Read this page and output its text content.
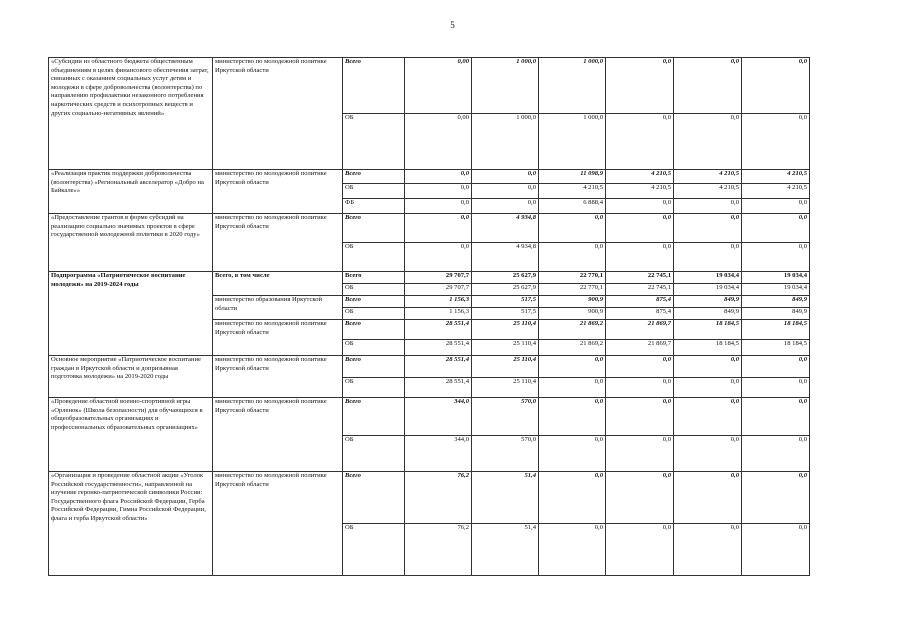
5
«Субсидии из областного бюджета общественным объединениям в целях финансового обеспечения затрат, связанных с оказанием социальных услуг детям и молодежи в сфере добровольчества (волонтерства) по направлению профилактики незаконного потребления наркотических средств и психотропных веществ и других социально-негативных явлений»	министерство по молодежной политике Иркутской области	Всего	0,00	1 000,0	1 000,0	0,0	0,0	0,0
		ОБ	0,00	1 000,0	1 000,0	0,0	0,0	0,0
«Реализация практик поддержки добровольчества (волонтерства) «Региональный акселератор «Добро на Байкале»»	министерство по молодежной политике Иркутской области	Всего	0,0	0,0	11 098,9	4 210,5	4 210,5	4 210,5
		ОБ	0,0	0,0	4 210,5	4 210,5	4 210,5	4 210,5
		ФБ	0,0	0,0	6 888,4	0,0	0,0	0,0
«Предоставление грантов в форме субсидий на реализацию социально значимых проектов в сфере государственной молодежной политики в 2020 году»	министерство по молодежной политике Иркутской области	Всего	0,0	4 934,8	0,0	0,0	0,0	0,0
		ОБ	0,0	4 934,8	0,0	0,0	0,0	0,0
Подпрограмма «Патриотическое воспитание молодежи» на 2019-2024 годы	Всего, в том числе	Всего	29 707,7	25 627,9	22 770,1	22 745,1	19 034,4	19 034,4
		ОБ	29 707,7	25 627,9	22 770,1	22 745,1	19 034,4	19 034,4
	министерство образования Иркутской области	Всего	1 156,3	517,5	900,9	875,4	849,9	849,9
		ОБ	1 156,3	517,5	900,9	875,4	849,9	849,9
	министерство по молодежной политике Иркутской области	Всего	28 551,4	25 110,4	21 869,2	21 869,7	18 184,5	18 184,5
		ОБ	28 551,4	25 110,4	21 869,2	21 869,7	18 184,5	18 184,5
Основное мероприятие «Патриотическое воспитание граждан в Иркутской области и допризывная подготовка молодежи» на 2019-2020 годы	министерство по молодежной политике Иркутской области	Всего	28 551,4	25 110,4	0,0	0,0	0,0	0,0
		ОБ	28 551,4	25 110,4	0,0	0,0	0,0	0,0
«Проведение областной военно-спортивной игры «Орленок» (Школа безопасности) для обучающихся в общеобразовательных организациях и профессиональных образовательных организациях»	министерство по молодежной политике Иркутской области	Всего	344,0	570,0	0,0	0,0	0,0	0,0
		ОБ	344,0	570,0	0,0	0,0	0,0	0,0
«Организация и проведение областной акции «Уголок Российской государственности», направленной на изучение героико-патриотической символики России: Государственного флага Российской Федерации, Герба Российской Федерации, Гимна Российской Федерации, флага и герба Иркутской области»	министерство по молодежной политике Иркутской области	Всего	76,2	51,4	0,0	0,0	0,0	0,0
		ОБ	76,2	51,4	0,0	0,0	0,0	0,0
